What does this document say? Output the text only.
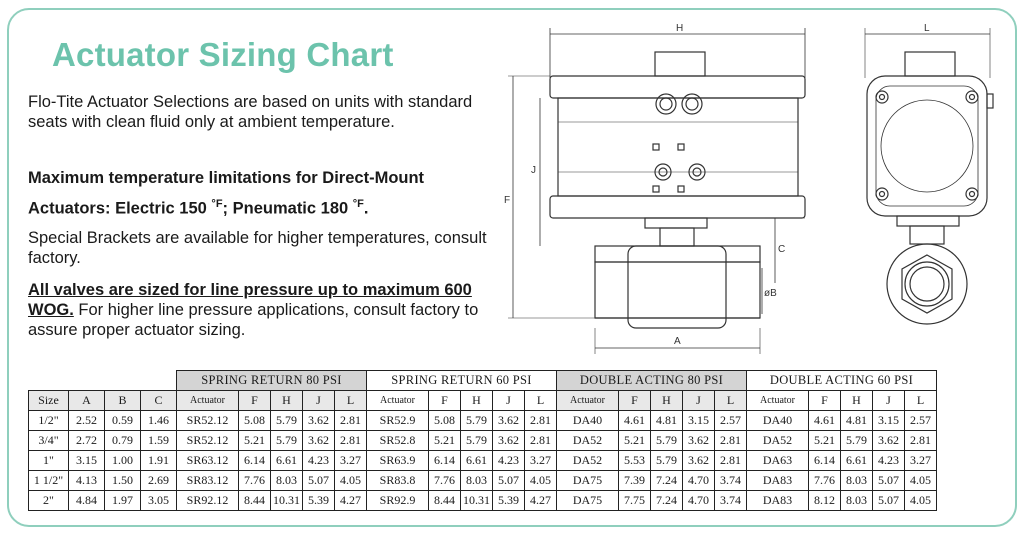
Actuator Sizing Chart
Flo-Tite Actuator Selections are based on units with standard seats with clean fluid only at ambient temperature.
Maximum temperature limitations for Direct-Mount Actuators: Electric 150 $^{^\circ F}$; Pneumatic 180 $^{^\circ F}$.
Special Brackets are available for higher temperatures, consult factory.
All valves are sized for line pressure up to maximum 600 WOG. For higher line pressure applications, consult factory to assure proper actuator sizing.
H	L
J
F
C
A
øB
				SPRING RETURN 80 PSI					SPRING RETURN 60 PSI					DOUBLE ACTING 80 PSI					DOUBLE ACTING 60 PSI				
Size	A	B	C	Actuator	F	H	J	L	Actuator	F	H	J	L	Actuator	F	H	J	L	Actuator	F	H	J	L
1/2"	2.52	0.59	1.46	SR52.12	5.08	5.79	3.62	2.81	SR52.9	5.08	5.79	3.62	2.81	DA40	4.61	4.81	3.15	2.57	DA40	4.61	4.81	3.15	2.57
3/4"	2.72	0.79	1.59	SR52.12	5.21	5.79	3.62	2.81	SR52.8	5.21	5.79	3.62	2.81	DA52	5.21	5.79	3.62	2.81	DA52	5.21	5.79	3.62	2.81
1"	3.15	1.00	1.91	SR63.12	6.14	6.61	4.23	3.27	SR63.9	6.14	6.61	4.23	3.27	DA52	5.53	5.79	3.62	2.81	DA63	6.14	6.61	4.23	3.27
1 1/2"	4.13	1.50	2.69	SR83.12	7.76	8.03	5.07	4.05	SR83.8	7.76	8.03	5.07	4.05	DA75	7.39	7.24	4.70	3.74	DA83	7.76	8.03	5.07	4.05
2"	4.84	1.97	3.05	SR92.12	8.44	10.31	5.39	4.27	SR92.9	8.44	10.31	5.39	4.27	DA75	7.75	7.24	4.70	3.74	DA83	8.12	8.03	5.07	4.05
